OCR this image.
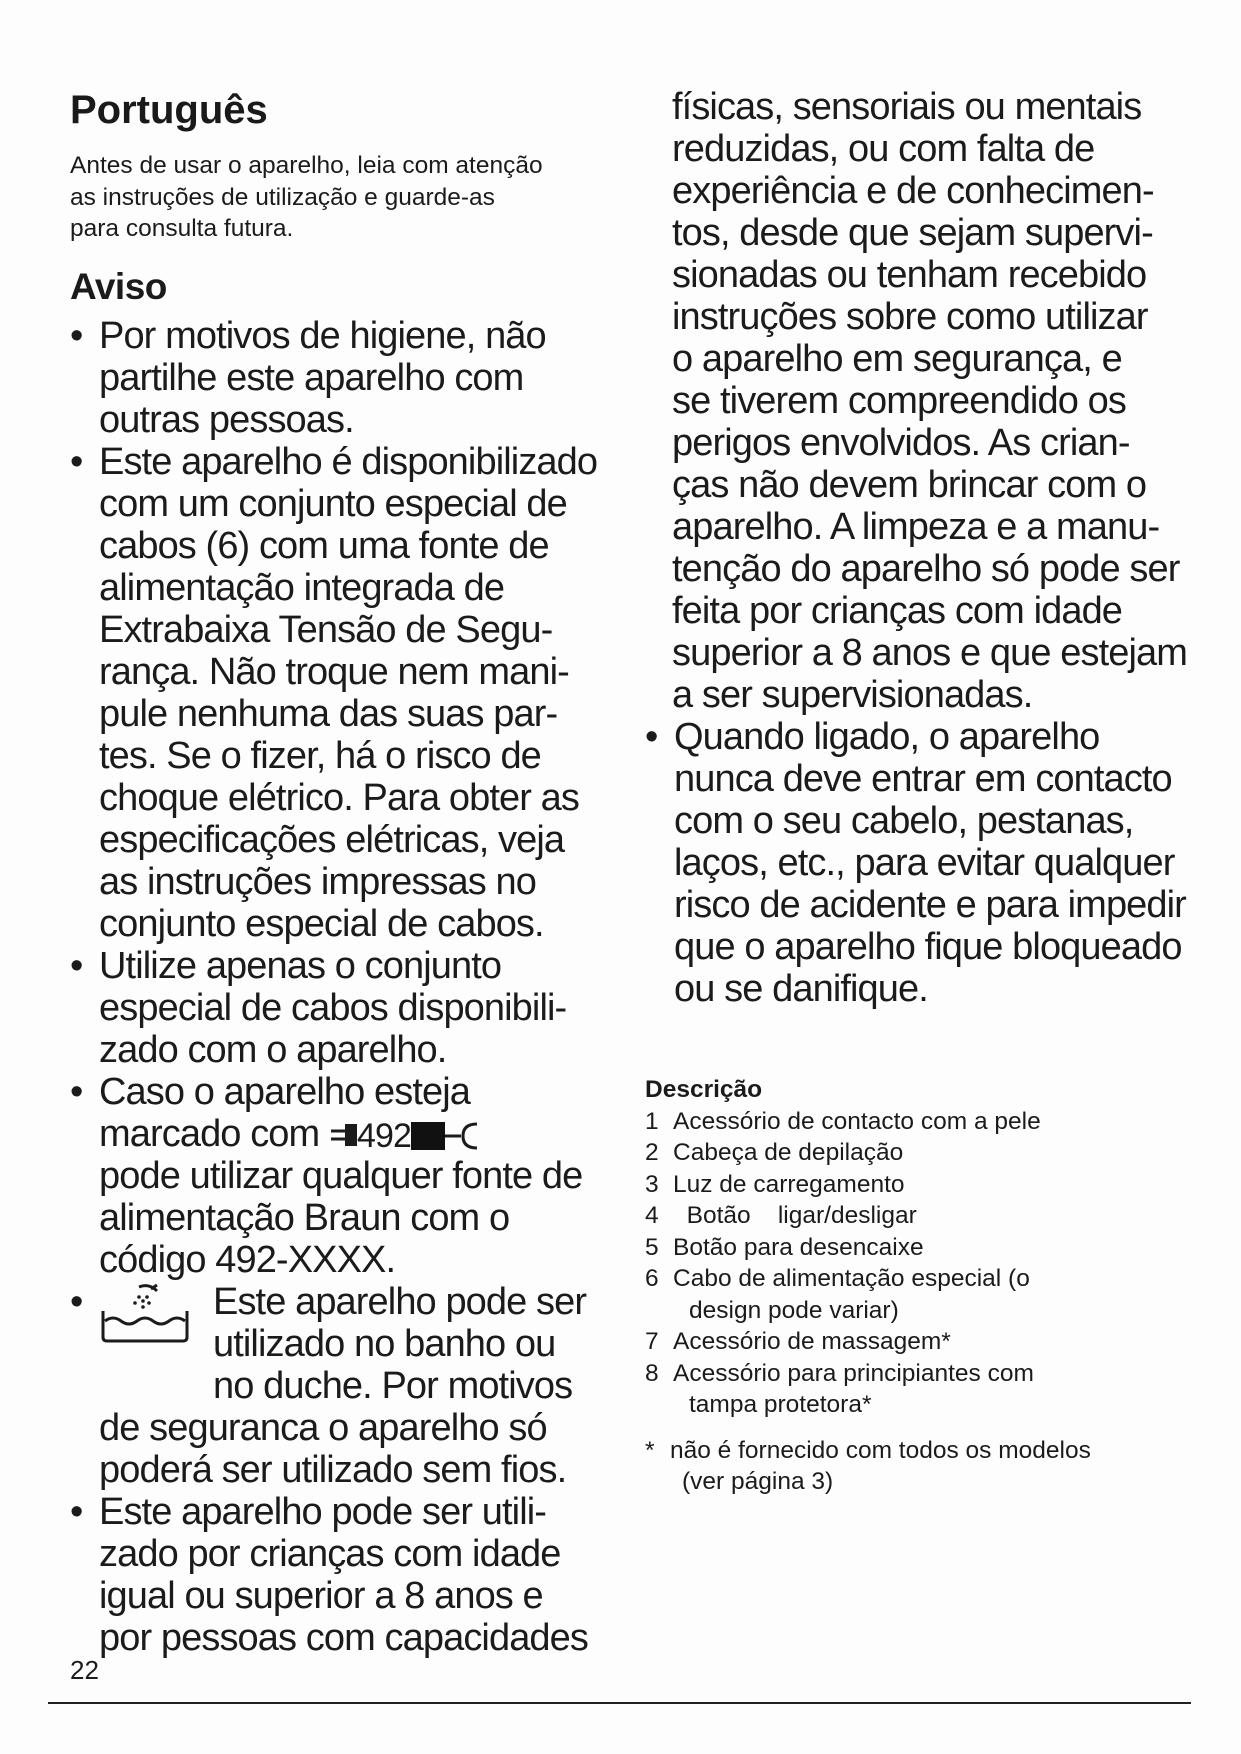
Português

Antes de usar o aparelho, leia com atenção
as instruções de utilização e guarde-as
para consulta futura.

Aviso
• Por motivos de higiene, não
partilhe este aparelho com
outras pessoas.

• Este aparelho é disponibilizado
com um conjunto especial de
cabos (6) com uma fonte de
alimentação integrada de
Extrabaixa Tensão de Segu-
rança. Não troque nem mani-
pule nenhuma das suas par-
tes. Se o fizer, há o risco de
choque elétrico. Para obter as
especificações elétricas, veja
as instruções impressas no
conjunto especial de cabos.

• Utilize apenas o conjunto
especial de cabos disponibili-
zado com o aparelho.

• Caso o aparelho esteja
marcado com 492

pode utilizar qualquer fonte de
alimentação Braun com o
código 492-XXXX.

•	Este aparelho pode ser
utilizado no banho ou
no duche. Por motivos

de seguranca o aparelho só
poderá ser utilizado sem fios.

• Este aparelho pode ser utili-
zado por crianças com idade
igual ou superior a 8 anos e
por pessoas com capacidades

físicas, sensoriais ou mentais
reduzidas, ou com falta de
experiência e de conhecimen-
tos, desde que sejam supervi-
sionadas ou tenham recebido
instruções sobre como utilizar
o aparelho em segurança, e
se tiverem compreendido os
perigos envolvidos. As crian-
ças não devem brincar com o
aparelho. A limpeza e a manu-
tenção do aparelho só pode ser
feita por crianças com idade
superior a 8 anos e que estejam
a ser supervisionadas.

• Quando ligado, o aparelho
nunca deve entrar em contacto
com o seu cabelo, pestanas,
laços, etc., para evitar qualquer
risco de acidente e para impedir
que o aparelho fique bloqueado
ou se danifique.

Descrição
1 Acessório de contacto com a pele
2 Cabeça de depilação
3 Luz de carregamento
4 Botão    ligar/desligar
5 Botão para desencaixe
6 Cabo de alimentação especial (o
design pode variar)
7 Acessório de massagem*
8 Acessório para principiantes com
tampa protetora*
* não é fornecido com todos os modelos
(ver página 3)
22
